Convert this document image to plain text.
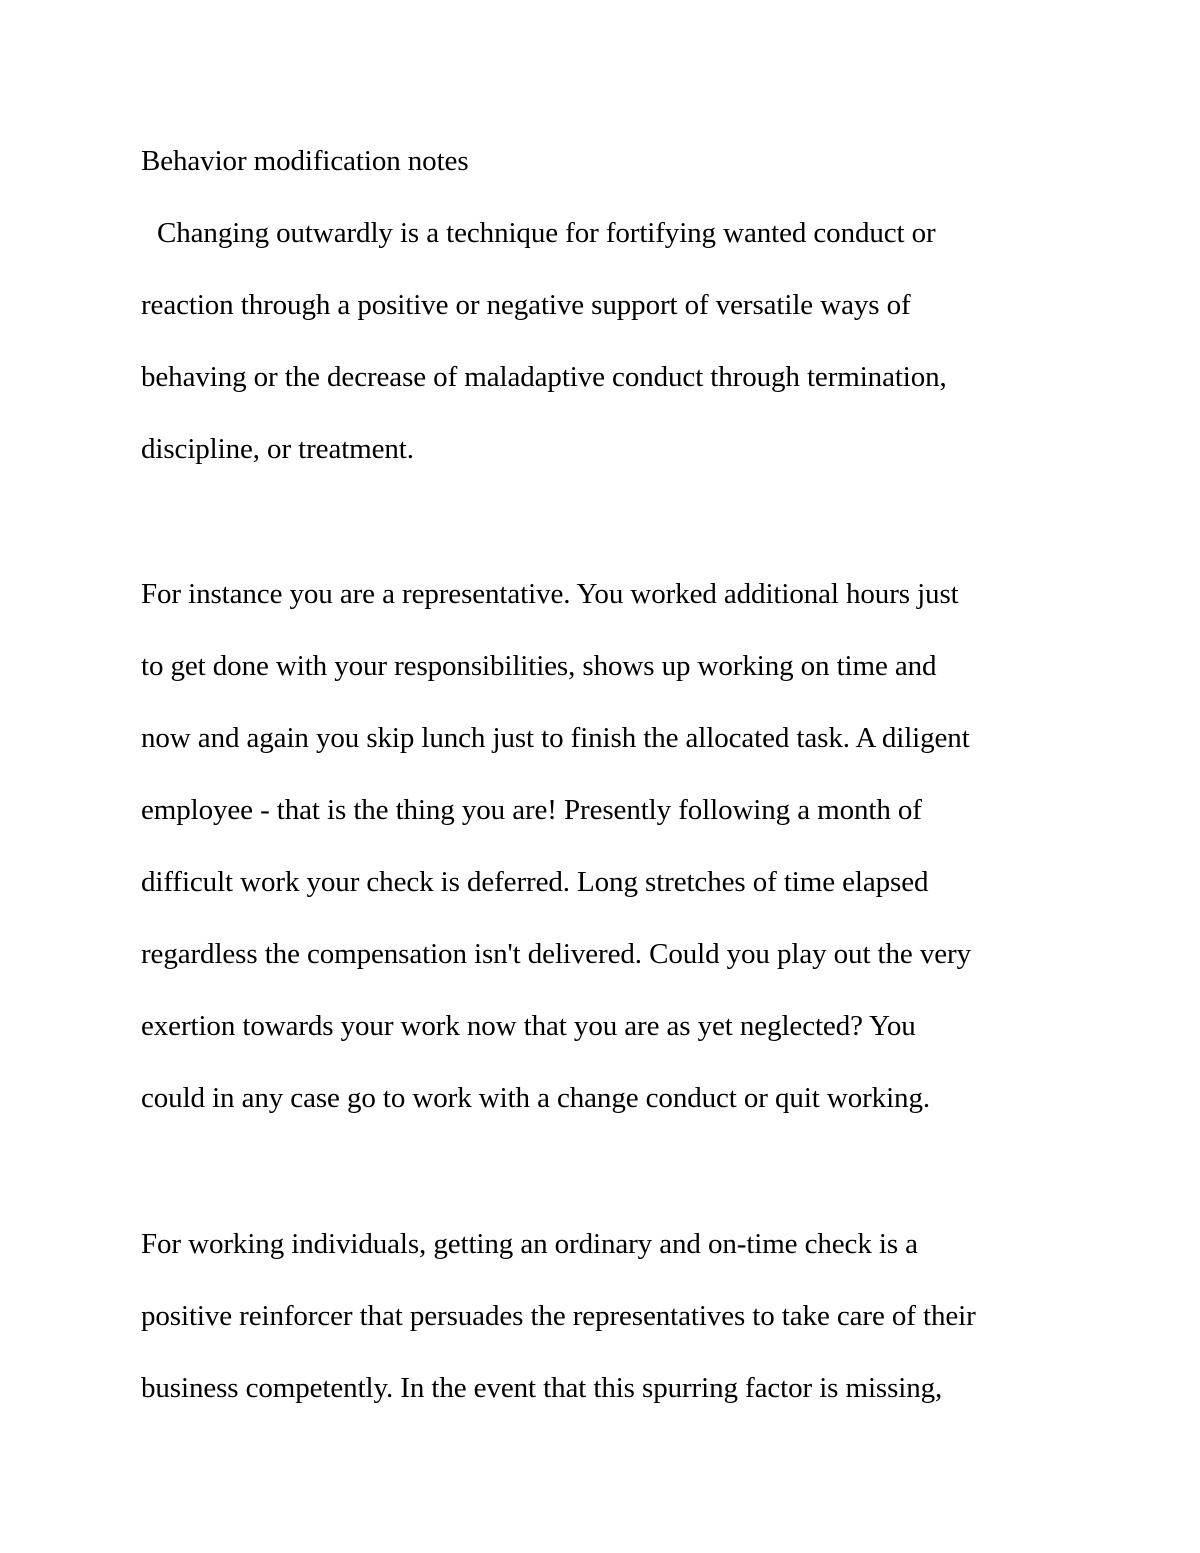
Behavior modification notes
Changing outwardly is a technique for fortifying wanted conduct or
reaction through a positive or negative support of versatile ways of
behaving or the decrease of maladaptive conduct through termination,
discipline, or treatment.
For instance you are a representative. You worked additional hours just
to get done with your responsibilities, shows up working on time and
now and again you skip lunch just to finish the allocated task. A diligent
employee - that is the thing you are! Presently following a month of
difficult work your check is deferred. Long stretches of time elapsed
regardless the compensation isn't delivered. Could you play out the very
exertion towards your work now that you are as yet neglected? You
could in any case go to work with a change conduct or quit working.
For working individuals, getting an ordinary and on-time check is a
positive reinforcer that persuades the representatives to take care of their
business competently. In the event that this spurring factor is missing,
